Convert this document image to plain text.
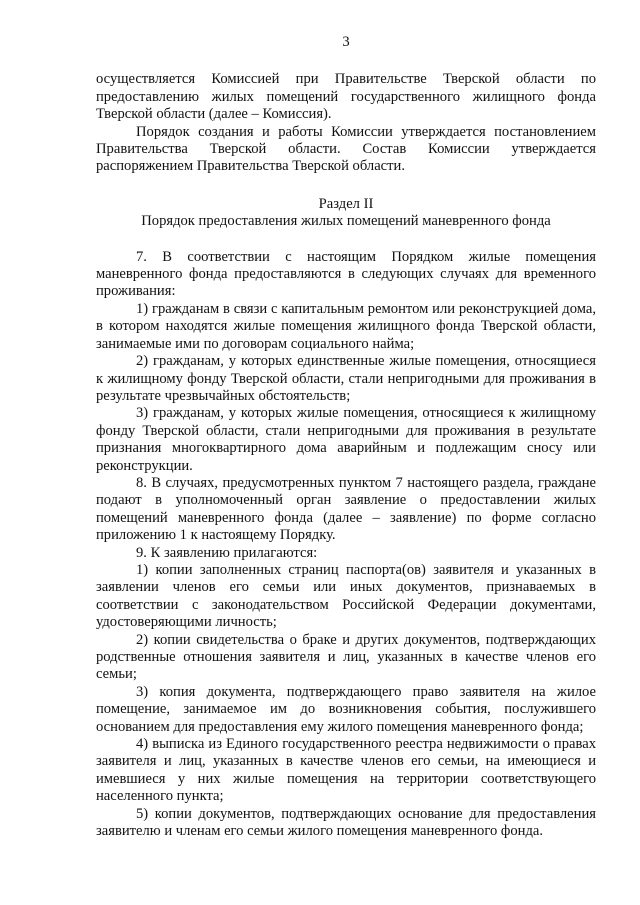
3

осуществляется Комиссией при Правительстве Тверской области по предоставлению жилых помещений государственного жилищного фонда Тверской области (далее – Комиссия).

Порядок создания и работы Комиссии утверждается постановлением Правительства Тверской области. Состав Комиссии утверждается распоряжением Правительства Тверской области.

Раздел II

Порядок предоставления жилых помещений маневренного фонда

7. В соответствии с настоящим Порядком жилые помещения маневренного фонда предоставляются в следующих случаях для временного проживания:

1) гражданам в связи с капитальным ремонтом или реконструкцией дома, в котором находятся жилые помещения жилищного фонда Тверской области, занимаемые ими по договорам социального найма;

2) гражданам, у которых единственные жилые помещения, относящиеся к жилищному фонду Тверской области, стали непригодными для проживания в результате чрезвычайных обстоятельств;

3) гражданам, у которых жилые помещения, относящиеся к жилищному фонду Тверской области, стали непригодными для проживания в результате признания многоквартирного дома аварийным и подлежащим сносу или реконструкции.

8. В случаях, предусмотренных пунктом 7 настоящего раздела, граждане подают в уполномоченный орган заявление о предоставлении жилых помещений маневренного фонда (далее – заявление) по форме согласно приложению 1 к настоящему Порядку.

9. К заявлению прилагаются:

1) копии заполненных страниц паспорта(ов) заявителя и указанных в заявлении членов его семьи или иных документов, признаваемых в соответствии с законодательством Российской Федерации документами, удостоверяющими личность;

2) копии свидетельства о браке и других документов, подтверждающих родственные отношения заявителя и лиц, указанных в качестве членов его семьи;

3) копия документа, подтверждающего право заявителя на жилое помещение, занимаемое им до возникновения события, послужившего основанием для предоставления ему жилого помещения маневренного фонда;

4) выписка из Единого государственного реестра недвижимости о правах заявителя и лиц, указанных в качестве членов его семьи, на имеющиеся и имевшиеся у них жилые помещения на территории соответствующего населенного пункта;

5) копии документов, подтверждающих основание для предоставления заявителю и членам его семьи жилого помещения маневренного фонда.
